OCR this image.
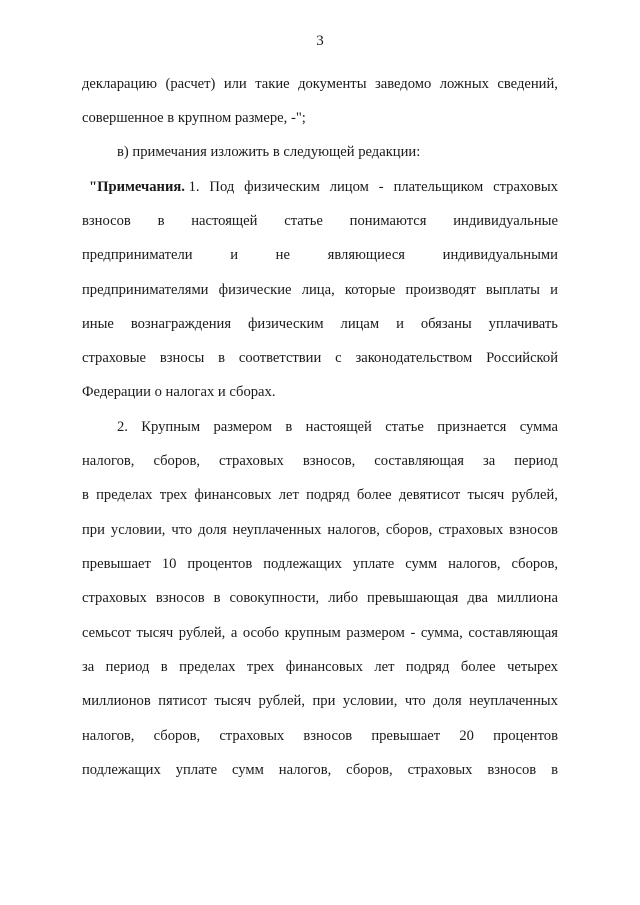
3
декларацию (расчет) или такие документы заведомо ложных сведений,
совершенное в крупном размере, -";
в) примечания изложить в следующей редакции:
"Примечания. 1. Под физическим лицом - плательщиком страховых
взносов в настоящей статье понимаются индивидуальные
предприниматели	и	не	являющиеся	индивидуальными
предпринимателями физические лица, которые производят выплаты и
иные вознаграждения физическим лицам и обязаны уплачивать
страховые взносы в соответствии с законодательством Российской
Федерации о налогах и сборах.
2. Крупным размером в настоящей статье признается сумма
налогов, сборов, страховых взносов, составляющая за период
в пределах трех финансовых лет подряд более девятисот тысяч рублей,
при условии, что доля неуплаченных налогов, сборов, страховых взносов
превышает 10 процентов подлежащих уплате сумм налогов, сборов,
страховых взносов в совокупности, либо превышающая два миллиона
семьсот тысяч рублей, а особо крупным размером - сумма, составляющая
за период в пределах трех финансовых лет подряд более четырех
миллионов пятисот тысяч рублей, при условии, что доля неуплаченных
налогов, сборов, страховых взносов превышает 20 процентов
подлежащих уплате сумм налогов, сборов, страховых взносов в
